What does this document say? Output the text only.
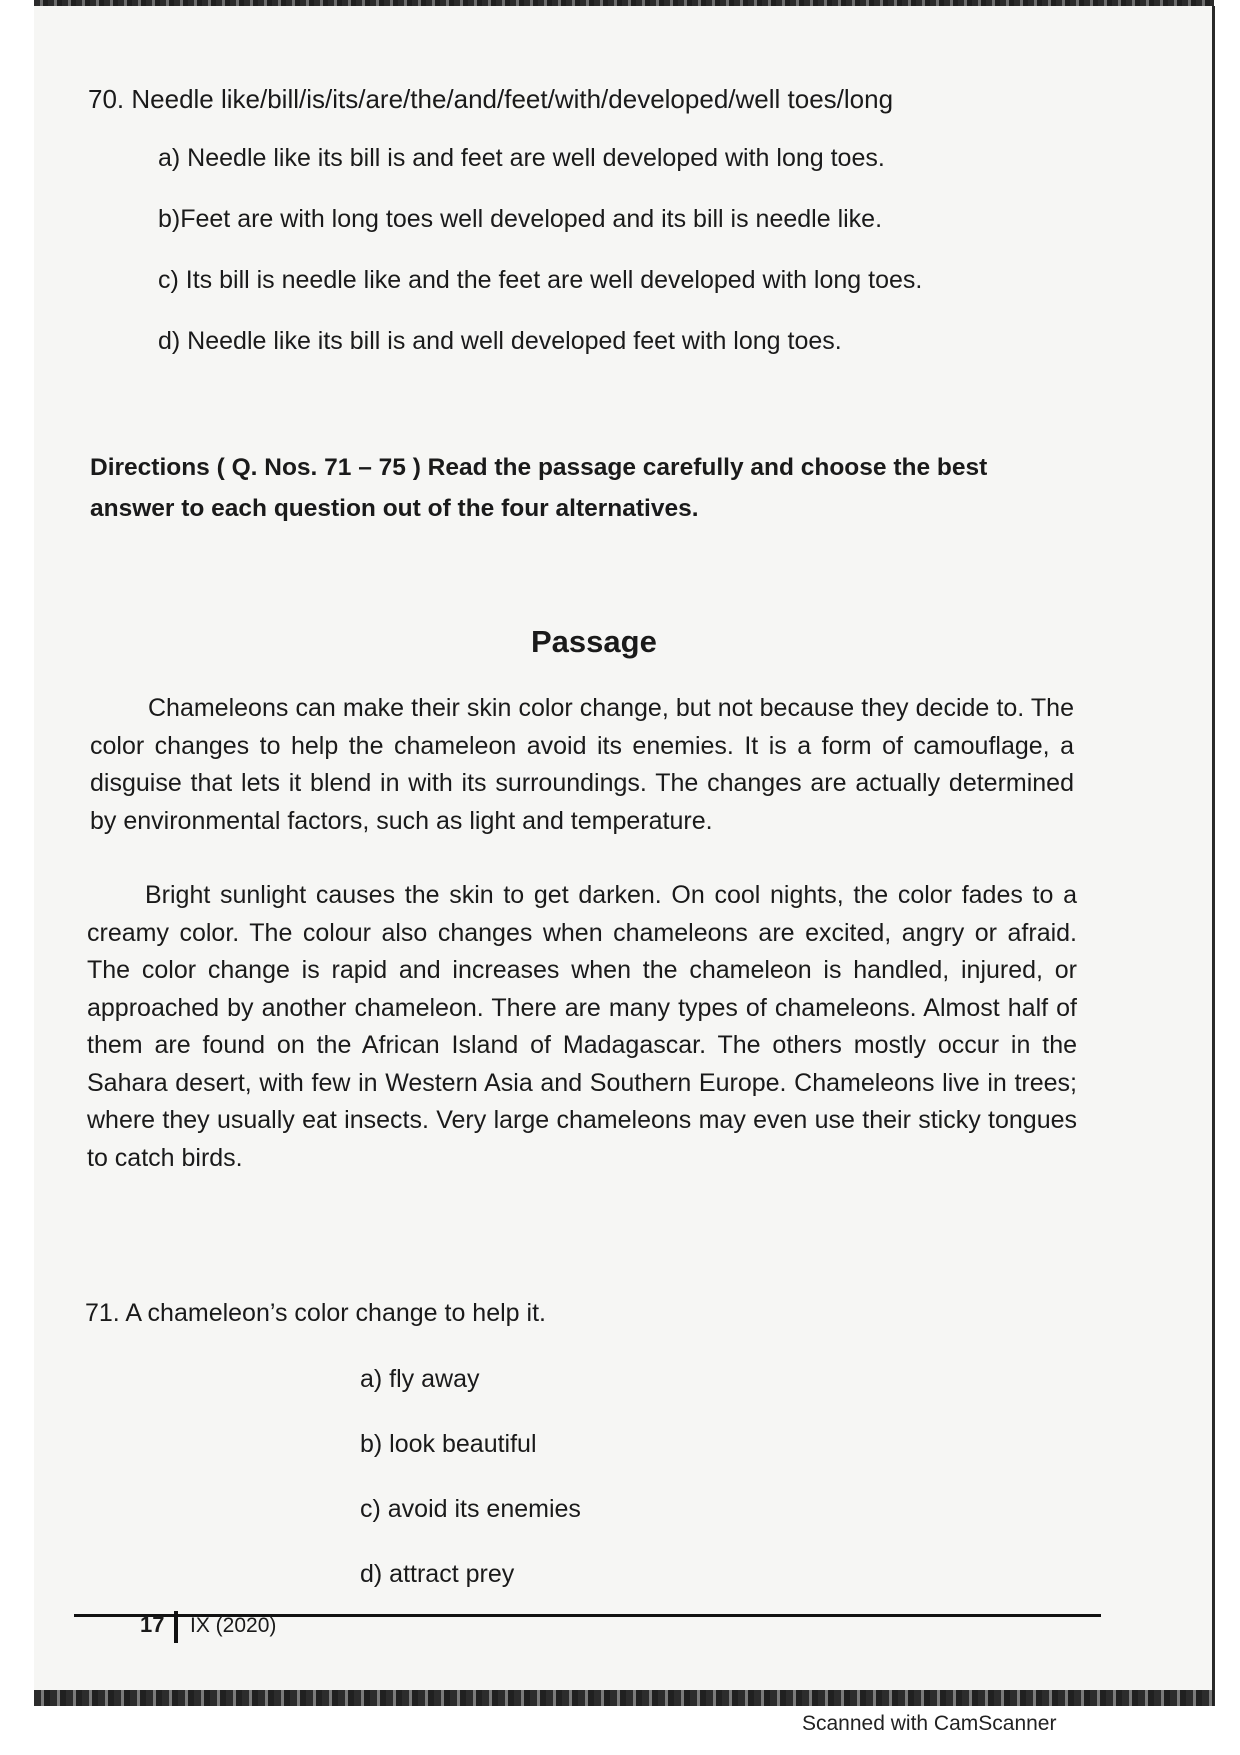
70. Needle like/bill/is/its/are/the/and/feet/with/developed/well toes/long
a) Needle like its bill is and feet are well developed with long toes.
b)Feet are with long toes well developed and its bill is needle like.
c) Its bill is needle like and the feet are well developed with long toes.
d) Needle like its bill is and well developed feet with long toes.
Directions ( Q. Nos. 71 – 75 ) Read the passage carefully and choose the best answer to each question out of the four alternatives.
Passage
Chameleons can make their skin color change, but not because they decide to. The color changes to help the chameleon avoid its enemies. It is a form of camouflage, a disguise that lets it blend in with its surroundings. The changes are actually determined by environmental factors, such as light and temperature.
Bright sunlight causes the skin to get darken. On cool nights, the color fades to a creamy color. The colour also changes when chameleons are excited, angry or afraid. The color change is rapid and increases when the chameleon is handled, injured, or approached by another chameleon. There are many types of chameleons. Almost half of them are found on the African Island of Madagascar. The others mostly occur in the Sahara desert, with few in Western Asia and Southern Europe. Chameleons live in trees; where they usually eat insects. Very large chameleons may even use their sticky tongues to catch birds.
71. A chameleon’s color change to help it.
a) fly away
b) look beautiful
c) avoid its enemies
d) attract prey
17 IX (2020)
Scanned with CamScanner
